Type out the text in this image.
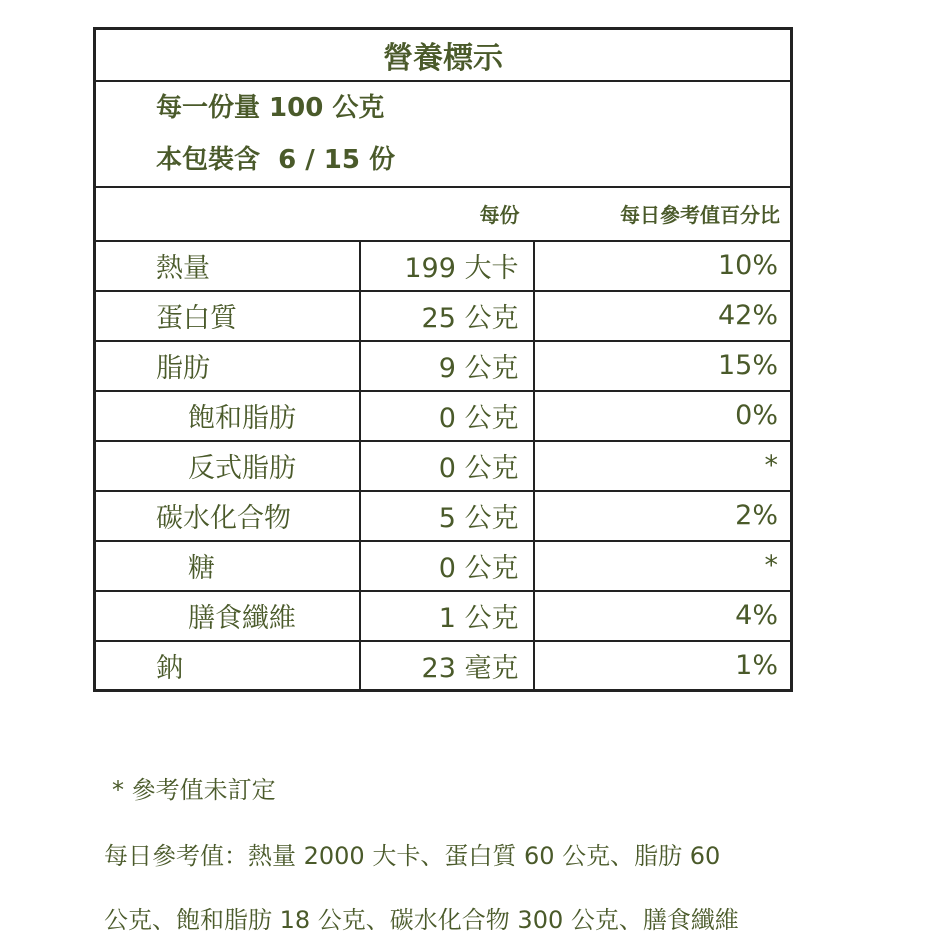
營養標示		

每一份量 100 公克
本包裝含  6 / 15 份		

	每份	每日參考值百分比
熱量	199 大卡	10%
蛋白質	25 公克	42%
脂肪	9 公克	15%
飽和脂肪	0 公克	0%
反式脂肪	0 公克	*
碳水化合物	5 公克	2%
糖	0 公克	*
膳食纖維	1 公克	4%
鈉	23 毫克	1%
* 參考值未訂定
每日參考值：熱量 2000 大卡、蛋白質 60 公克、脂肪 60
公克、飽和脂肪 18 公克、碳水化合物 300 公克、膳食纖維
